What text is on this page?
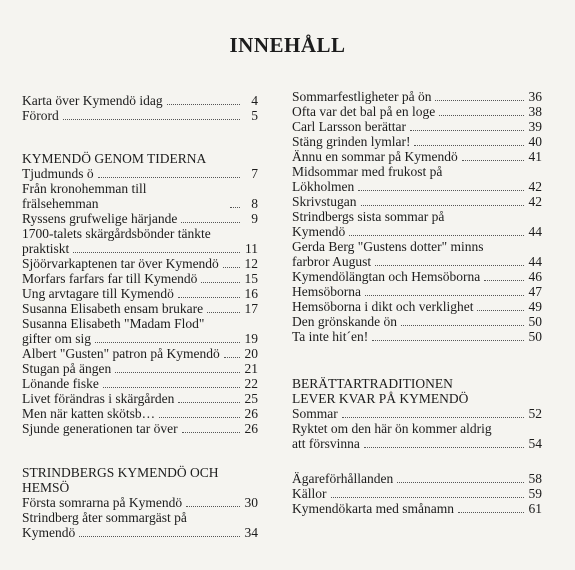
INNEHÅLL
Karta över Kymendö idag	4
Förord	5
KYMENDÖ GENOM TIDERNA
Tjudmunds ö	7
Från kronohemman till frälsehemman	8
Ryssens grufwelige härjande	9
1700-talets skärgårdsbönder tänkte
praktiskt	11
Sjöörvarkaptenen tar över Kymendö 12
Morfars farfars far till Kymendö	15
Ung arvtagare till Kymendö	16
Susanna Elisabeth ensam brukare	17
Susanna Elisabeth "Madam Flod"
gifter om sig	19
Albert "Gusten" patron på Kymendö 20
Stugan på ängen	21
Lönande fiske	22
Livet förändras i skärgården	25
Men när katten skötsb…	26
Sjunde generationen tar över	26
STRINDBERGS KYMENDÖ OCH
HEMSÖ
Första somrarna på Kymendö	30
Strindberg åter sommargäst på
Kymendö	34
Sommarfestligheter på ön	36
Ofta var det bal på en loge	38
Carl Larsson berättar	39
Stäng grinden lymlar!	40
Ännu en sommar på Kymendö	41
Midsommar med frukost på
Lökholmen	42
Skrivstugan	42
Strindbergs sista sommar på
Kymendö	44
Gerda Berg "Gustens dotter" minns
farbror August	44
Kymendölängtan och Hemsöborna	46
Hemsöborna	47
Hemsöborna i dikt och verklighet	49
Den grönskande ön	50
Ta inte hit´en!	50
BERÄTTARTRADITIONEN
LEVER KVAR PÅ KYMENDÖ
Sommar	52
Ryktet om den här ön kommer aldrig
att försvinna	54
Ägareförhållanden	58
Källor	59
Kymendökarta med smånamn	61
